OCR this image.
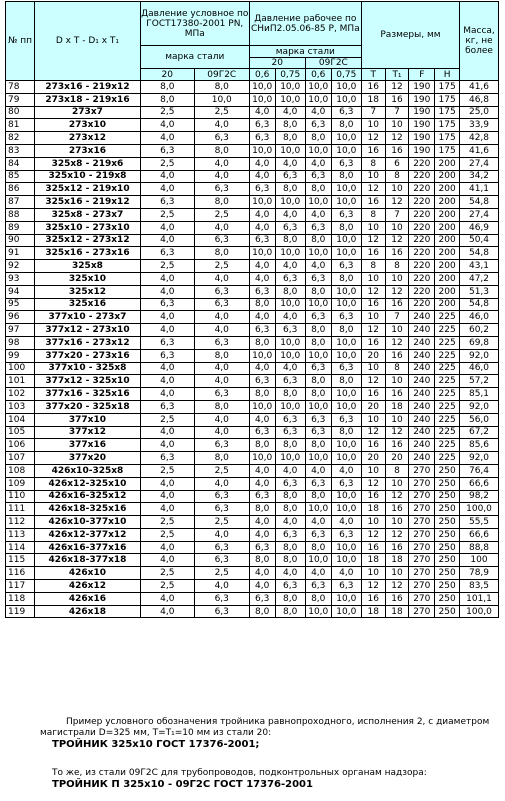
№ пп	D x T - D₁ x T₁	Давление условное по ГОСТ17380-2001 PN, МПа		Давление рабочее по СНиП2.05.06-85 P, МПа				Размеры, мм				Масса, кг, не более
		марка стали		марка стали								
				20		09Г2С						
		20	09Г2С	0,6	0,75	0,6	0,75	T	T₁	F	H	
78	273x16 - 219x12	8,0	8,0	10,0	10,0	10,0	10,0	16	12	190	175	41,6
79	273x18 - 219x16	8,0	10,0	10,0	10,0	10,0	10,0	18	16	190	175	46,8
80	273x7	2,5	2,5	4,0	4,0	4,0	6,3	7	7	190	175	25,0
81	273x10	4,0	4,0	6,3	8,0	6,3	8,0	10	10	190	175	33,9
82	273x12	4,0	6,3	6,3	8,0	8,0	10,0	12	12	190	175	42,8
83	273x16	6,3	8,0	10,0	10,0	10,0	10,0	16	16	190	175	41,6
84	325x8 - 219x6	2,5	4,0	4,0	4,0	4,0	6,3	8	6	220	200	27,4
85	325x10 - 219x8	4,0	4,0	4,0	6,3	6,3	8,0	10	8	220	200	34,2
86	325x12 - 219x10	4,0	6,3	6,3	8,0	8,0	10,0	12	10	220	200	41,1
87	325x16 - 219x12	6,3	8,0	10,0	10,0	10,0	10,0	16	12	220	200	54,8
88	325x8 - 273x7	2,5	2,5	4,0	4,0	4,0	6,3	8	7	220	200	27,4
89	325x10 - 273x10	4,0	4,0	4,0	6,3	6,3	8,0	10	10	220	200	46,9
90	325x12 - 273x12	4,0	6,3	6,3	8,0	8,0	10,0	12	12	220	200	50,4
91	325x16 - 273x16	6,3	8,0	10,0	10,0	10,0	10,0	16	16	220	200	54,8
92	325x8	2,5	2,5	4,0	4,0	4,0	6,3	8	8	220	200	43,1
93	325x10	4,0	4,0	4,0	6,3	6,3	8,0	10	10	220	200	47,2
94	325x12	4,0	6,3	6,3	8,0	8,0	10,0	12	12	220	200	51,3
95	325x16	6,3	6,3	8,0	10,0	10,0	10,0	16	16	220	200	54,8
96	377x10 - 273x7	4,0	4,0	4,0	4,0	6,3	6,3	10	7	240	225	46,0
97	377x12 - 273x10	4,0	4,0	6,3	6,3	8,0	8,0	12	10	240	225	60,2
98	377x16 - 273x12	6,3	6,3	8,0	10,0	8,0	10,0	16	12	240	225	69,8
99	377x20 - 273x16	6,3	8,0	10,0	10,0	10,0	10,0	20	16	240	225	92,0
100	377x10 - 325x8	4,0	4,0	4,0	4,0	6,3	6,3	10	8	240	225	46,0
101	377x12 - 325x10	4,0	4,0	6,3	6,3	8,0	8,0	12	10	240	225	57,2
102	377x16 - 325x16	4,0	6,3	8,0	8,0	8,0	10,0	16	16	240	225	85,1
103	377x20 - 325x18	6,3	8,0	10,0	10,0	10,0	10,0	20	18	240	225	92,0
104	377x10	2,5	4,0	4,0	6,3	6,3	6,3	10	10	240	225	56,0
105	377x12	4,0	4,0	6,3	6,3	6,3	8,0	12	12	240	225	67,2
106	377x16	4,0	6,3	8,0	8,0	8,0	10,0	16	16	240	225	85,6
107	377x20	6,3	8,0	10,0	10,0	10,0	10,0	20	20	240	225	92,0
108	426x10-325x8	2,5	2,5	4,0	4,0	4,0	4,0	10	8	270	250	76,4
109	426x12-325x10	4,0	4,0	4,0	6,3	6,3	6,3	12	10	270	250	66,6
110	426x16-325x12	4,0	6,3	6,3	8,0	8,0	10,0	16	12	270	250	98,2
111	426x18-325x16	4,0	6,3	8,0	8,0	10,0	10,0	18	16	270	250	100,0
112	426x10-377x10	2,5	2,5	4,0	4,0	4,0	4,0	10	10	270	250	55,5
113	426x12-377x12	2,5	4,0	4,0	6,3	6,3	6,3	12	12	270	250	66,6
114	426x16-377x16	4,0	6,3	6,3	8,0	8,0	10,0	16	16	270	250	88,8
115	426x18-377x18	4,0	6,3	8,0	8,0	10,0	10,0	18	18	270	250	100
116	426x10	2,5	2,5	4,0	4,0	4,0	4,0	10	10	270	250	78,9
117	426x12	2,5	4,0	4,0	6,3	6,3	6,3	12	12	270	250	83,5
118	426x16	4,0	6,3	6,3	8,0	8,0	10,0	16	16	270	250	101,1
119	426x18	4,0	6,3	8,0	8,0	10,0	10,0	18	18	270	250	100,0
Пример условного обозначения тройника равнопроходного, исполнения 2, с диаметром
магистрали D=325 мм, T=T₁=10 мм из стали 20:
ТРОЙНИК 325x10 ГОСТ 17376-2001;
То же, из стали 09Г2С для трубопроводов, подконтрольных органам надзора:
ТРОЙНИК П 325x10 - 09Г2С ГОСТ 17376-2001
